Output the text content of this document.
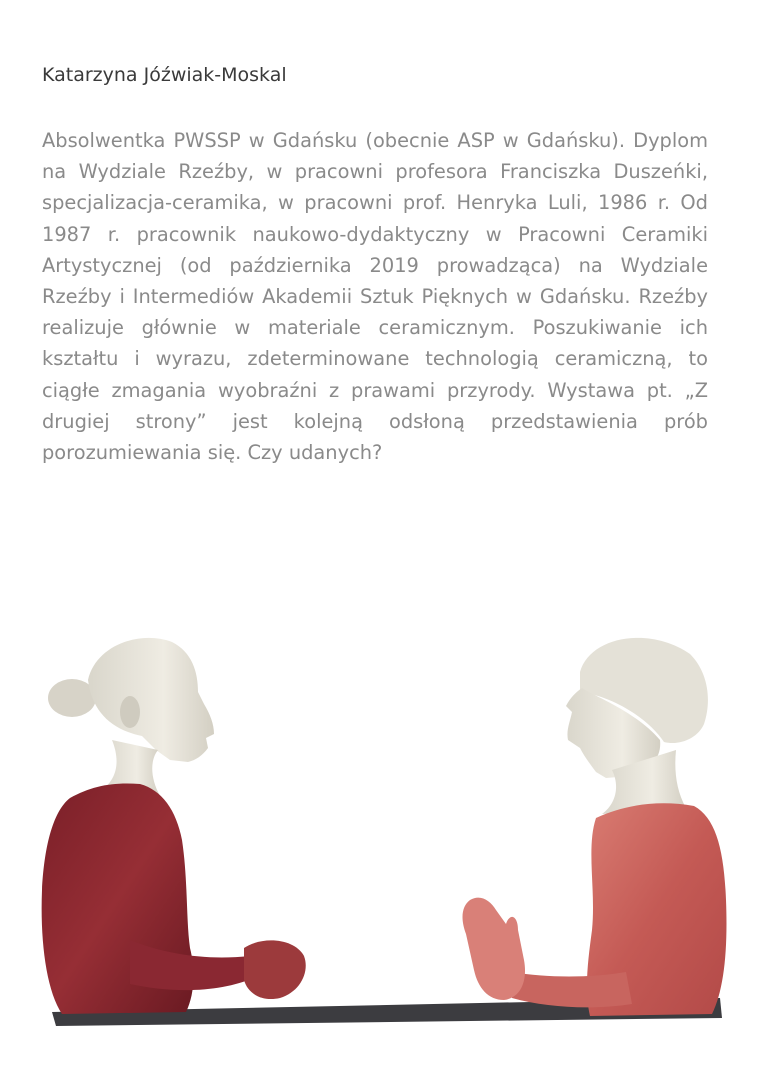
Katarzyna Jóźwiak-Moskal

Absolwentka PWSSP w Gdańsku (obecnie ASP w Gdańsku). Dyplom na Wydziale Rzeźby, w pracowni profesora Franciszka Duszeńki, specjalizacja-ceramika, w pracowni prof. Henryka Luli, 1986 r. Od 1987 r. pracownik naukowo-dydaktyczny w Pracowni Ceramiki Artystycznej (od października 2019 prowadząca) na Wydziale Rzeźby i Intermediów Akademii Sztuk Pięknych w Gdańsku. Rzeźby realizuje głównie w materiale ceramicznym. Poszukiwanie ich kształtu i wyrazu, zdeterminowane technologią ceramiczną, to ciągłe zmagania wyobraźni z prawami przyrody. Wystawa pt. „Z drugiej strony” jest kolejną odsłoną przedstawienia prób porozumiewania się. Czy udanych?
